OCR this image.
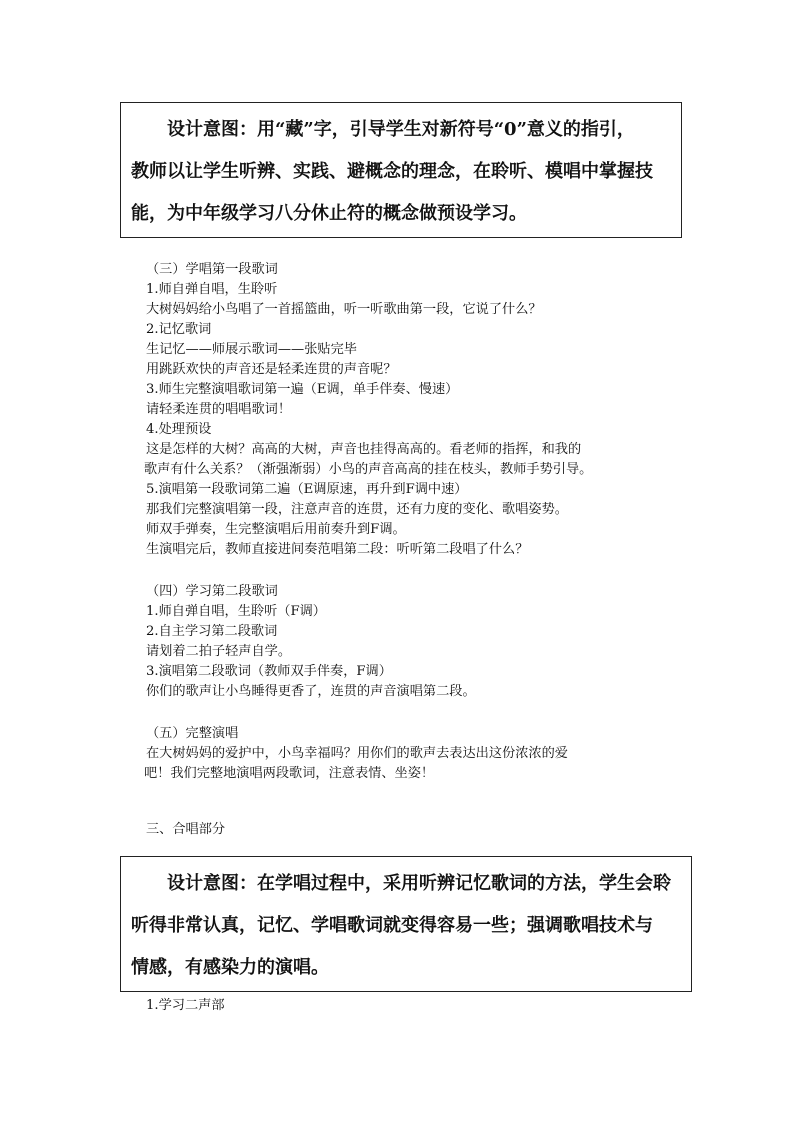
设计意图：用“藏”字，引导学生对新符号“0”意义的指引，

教师以让学生听辨、实践、避概念的理念，在聆听、模唱中掌握技

能，为中年级学习八分休止符的概念做预设学习。

（三）学唱第一段歌词
1.师自弹自唱，生聆听
大树妈妈给小鸟唱了一首摇篮曲，听一听歌曲第一段，它说了什么？
2.记忆歌词
生记忆——师展示歌词——张贴完毕
用跳跃欢快的声音还是轻柔连贯的声音呢？
3.师生完整演唱歌词第一遍（E调，单手伴奏、慢速）
请轻柔连贯的唱唱歌词！
4.处理预设
这是怎样的大树？高高的大树，声音也挂得高高的。看老师的指挥，和我的
歌声有什么关系？（渐强渐弱）小鸟的声音高高的挂在枝头，教师手势引导。
5.演唱第一段歌词第二遍（E调原速，再升到F调中速）
那我们完整演唱第一段，注意声音的连贯，还有力度的变化、歌唱姿势。
师双手弹奏，生完整演唱后用前奏升到F调。
生演唱完后，教师直接进间奏范唱第二段：听听第二段唱了什么？
（四）学习第二段歌词
1.师自弹自唱，生聆听（F调）
2.自主学习第二段歌词
请划着二拍子轻声自学。
3.演唱第二段歌词（教师双手伴奏，F调）
你们的歌声让小鸟睡得更香了，连贯的声音演唱第二段。
（五）完整演唱
在大树妈妈的爱护中，小鸟幸福吗？用你们的歌声去表达出这份浓浓的爱
吧！我们完整地演唱两段歌词，注意表情、坐姿！
三、合唱部分

设计意图：在学唱过程中，采用听辨记忆歌词的方法，学生会聆

听得非常认真，记忆、学唱歌词就变得容易一些；强调歌唱技术与

情感，有感染力的演唱。

1.学习二声部
